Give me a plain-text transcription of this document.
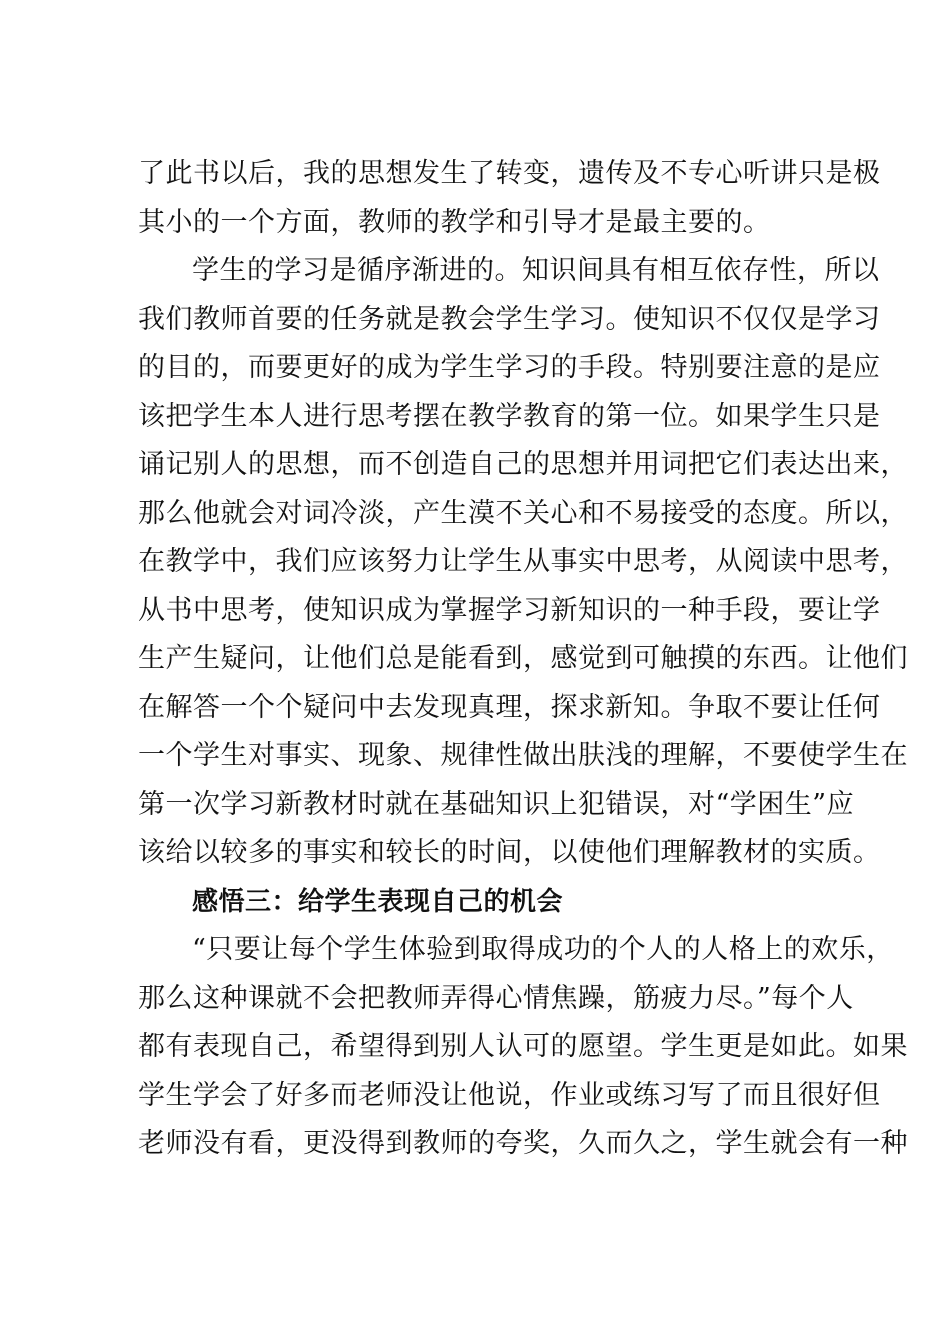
了此书以后，我的思想发生了转变，遗传及不专心听讲只是极
其小的一个方面，教师的教学和引导才是最主要的。
学生的学习是循序渐进的。知识间具有相互依存性，所以
我们教师首要的任务就是教会学生学习。使知识不仅仅是学习
的目的，而要更好的成为学生学习的手段。特别要注意的是应
该把学生本人进行思考摆在教学教育的第一位。如果学生只是
诵记别人的思想，而不创造自己的思想并用词把它们表达出来，
那么他就会对词冷淡，产生漠不关心和不易接受的态度。所以，
在教学中，我们应该努力让学生从事实中思考，从阅读中思考，
从书中思考，使知识成为掌握学习新知识的一种手段，要让学
生产生疑问，让他们总是能看到，感觉到可触摸的东西。让他们
在解答一个个疑问中去发现真理，探求新知。争取不要让任何
一个学生对事实、现象、规律性做出肤浅的理解，不要使学生在
第一次学习新教材时就在基础知识上犯错误，对“学困生”应
该给以较多的事实和较长的时间，以使他们理解教材的实质。
感悟三：给学生表现自己的机会
“只要让每个学生体验到取得成功的个人的人格上的欢乐，
那么这种课就不会把教师弄得心情焦躁，筋疲力尽。”每个人
都有表现自己，希望得到别人认可的愿望。学生更是如此。如果
学生学会了好多而老师没让他说，作业或练习写了而且很好但
老师没有看，更没得到教师的夸奖，久而久之，学生就会有一种
